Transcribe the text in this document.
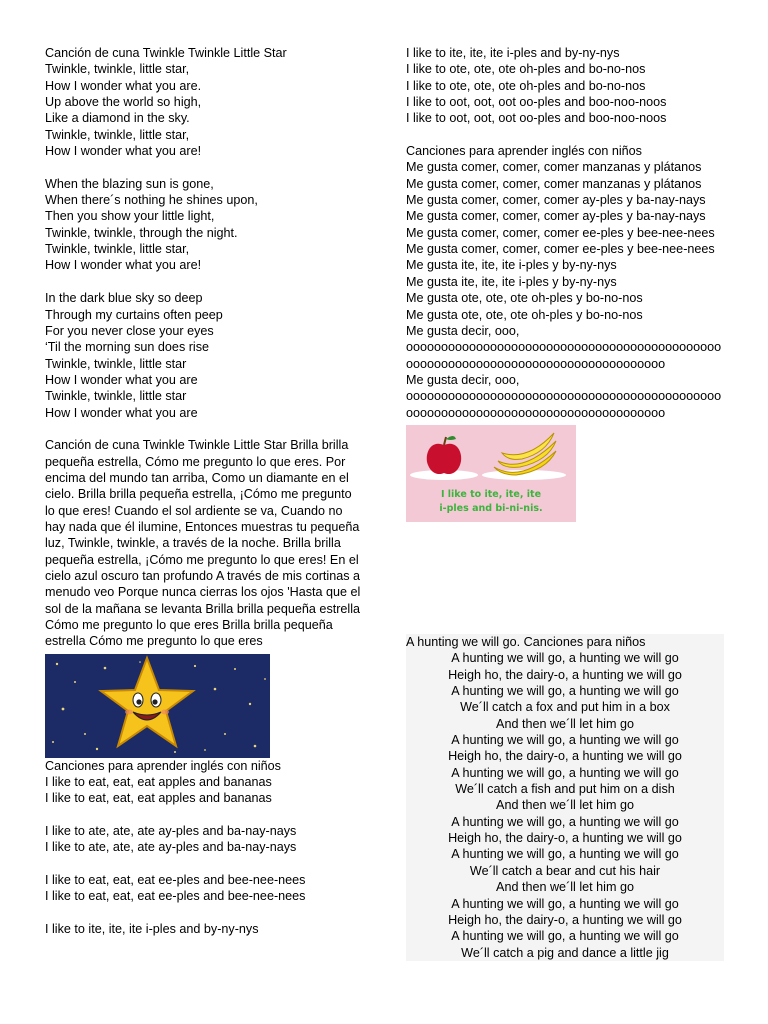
Canción de cuna Twinkle Twinkle Little Star
Twinkle, twinkle, little star,
How I wonder what you are.
Up above the world so high,
Like a diamond in the sky.
Twinkle, twinkle, little star,
How I wonder what you are!
When the blazing sun is gone,
When there´s nothing he shines upon,
Then you show your little light,
Twinkle, twinkle, through the night.
Twinkle, twinkle, little star,
How I wonder what you are!
In the dark blue sky so deep
Through my curtains often peep
For you never close your eyes
‘Til the morning sun does rise
Twinkle, twinkle, little star
How I wonder what you are
Twinkle, twinkle, little star
How I wonder what you are
Canción de cuna Twinkle Twinkle Little Star Brilla brilla pequeña estrella, Cómo me pregunto lo que eres. Por encima del mundo tan arriba, Como un diamante en el cielo. Brilla brilla pequeña estrella, ¡Cómo me pregunto lo que eres! Cuando el sol ardiente se va, Cuando no hay nada que él ilumine, Entonces muestras tu pequeña luz, Twinkle, twinkle, a través de la noche. Brilla brilla pequeña estrella, ¡Cómo me pregunto lo que eres! En el cielo azul oscuro tan profundo A través de mis cortinas a menudo veo Porque nunca cierras los ojos 'Hasta que el sol de la mañana se levanta Brilla brilla pequeña estrella Cómo me pregunto lo que eres Brilla brilla pequeña estrella Cómo me pregunto lo que eres
Canciones para aprender inglés con niños
I like to eat, eat, eat apples and bananas
I like to eat, eat, eat apples and bananas
I like to ate, ate, ate ay-ples and ba-nay-nays
I like to ate, ate, ate ay-ples and ba-nay-nays
I like to eat, eat, eat ee-ples and bee-nee-nees
I like to eat, eat, eat ee-ples and bee-nee-nees
I like to ite, ite, ite i-ples and by-ny-nys
I like to ite, ite, ite i-ples and by-ny-nys
I like to ote, ote, ote oh-ples and bo-no-nos
I like to ote, ote, ote oh-ples and bo-no-nos
I like to oot, oot, oot oo-ples and boo-noo-noos
I like to oot, oot, oot oo-ples and boo-noo-noos
Canciones para aprender inglés con niños
Me gusta comer, comer, comer manzanas y plátanos
Me gusta comer, comer, comer manzanas y plátanos
Me gusta comer, comer, comer ay-ples y ba-nay-nays
Me gusta comer, comer, comer ay-ples y ba-nay-nays
Me gusta comer, comer, comer ee-ples y bee-nee-nees
Me gusta comer, comer, comer ee-ples y bee-nee-nees
Me gusta ite, ite, ite i-ples y by-ny-nys
Me gusta ite, ite, ite i-ples y by-ny-nys
Me gusta ote, ote, ote oh-ples y bo-no-nos
Me gusta ote, ote, ote oh-ples y bo-no-nos
Me gusta decir, ooo,
oooooooooooooooooooooooooooooooooooooooooooooooooooooooooooooooooooooooooooooooooo
Me gusta decir, ooo,
oooooooooooooooooooooooooooooooooooooooooooooooooooooooooooooooooooooooooooooooooo
I like to ite, ite, ite
i-ples and bi-ni-nis.
A hunting we will go. Canciones para niños
A hunting we will go, a hunting we will go
Heigh ho, the dairy-o, a hunting we will go
A hunting we will go, a hunting we will go
We´ll catch a fox and put him in a box
And then we´ll let him go
A hunting we will go, a hunting we will go
Heigh ho, the dairy-o, a hunting we will go
A hunting we will go, a hunting we will go
We´ll catch a fish and put him on a dish
And then we´ll let him go
A hunting we will go, a hunting we will go
Heigh ho, the dairy-o, a hunting we will go
A hunting we will go, a hunting we will go
We´ll catch a bear and cut his hair
And then we´ll let him go
A hunting we will go, a hunting we will go
Heigh ho, the dairy-o, a hunting we will go
A hunting we will go, a hunting we will go
We´ll catch a pig and dance a little jig
